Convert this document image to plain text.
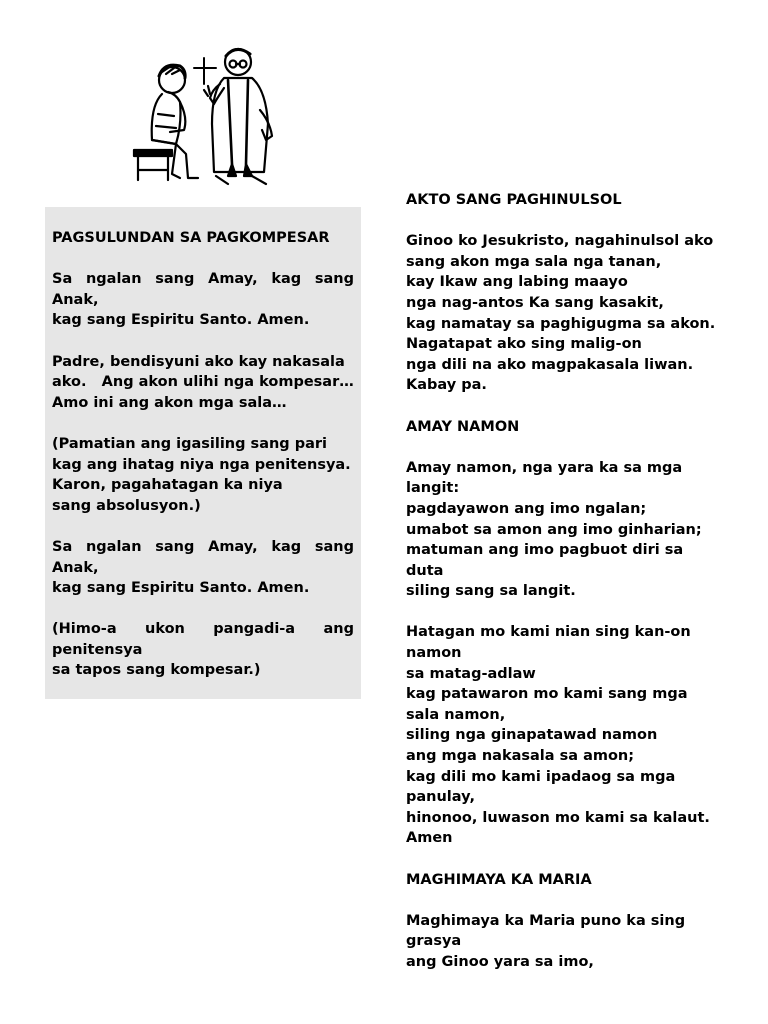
PAGSULUNDAN SA PAGKOMPESAR

Sa ngalan sang Amay, kag sang

Anak,

kag sang Espiritu Santo. Amen.

Padre, bendisyuni ako kay nakasala

ako.   Ang akon ulihi nga kompesar…

Amo ini ang akon mga sala…

(Pamatian ang igasiling sang pari

kag ang ihatag niya nga penitensya.

Karon, pagahatagan ka niya

sang absolusyon.)

Sa ngalan sang Amay, kag sang

Anak,

kag sang Espiritu Santo. Amen.

(Himo-a ukon pangadi-a ang

penitensya

sa tapos sang kompesar.)

AKTO SANG PAGHINULSOL

Ginoo ko Jesukristo, nagahinulsol ako

sang akon mga sala nga tanan,

kay Ikaw ang labing maayo

nga nag-antos Ka sang kasakit,

kag namatay sa paghigugma sa akon.

Nagatapat ako sing malig-on

nga dili na ako magpakasala liwan.

Kabay pa.

AMAY NAMON

Amay namon, nga yara ka sa mga

langit:

pagdayawon ang imo ngalan;

umabot sa amon ang imo ginharian;

matuman ang imo pagbuot diri sa

duta

siling sang sa langit.

Hatagan mo kami nian sing kan-on

namon

sa matag-adlaw

kag patawaron mo kami sang mga

sala namon,

siling nga ginapatawad namon

ang mga nakasala sa amon;

kag dili mo kami ipadaog sa mga

panulay,

hinonoo, luwason mo kami sa kalaut.

Amen

MAGHIMAYA KA MARIA

Maghimaya ka Maria puno ka sing

grasya

ang Ginoo yara sa imo,
